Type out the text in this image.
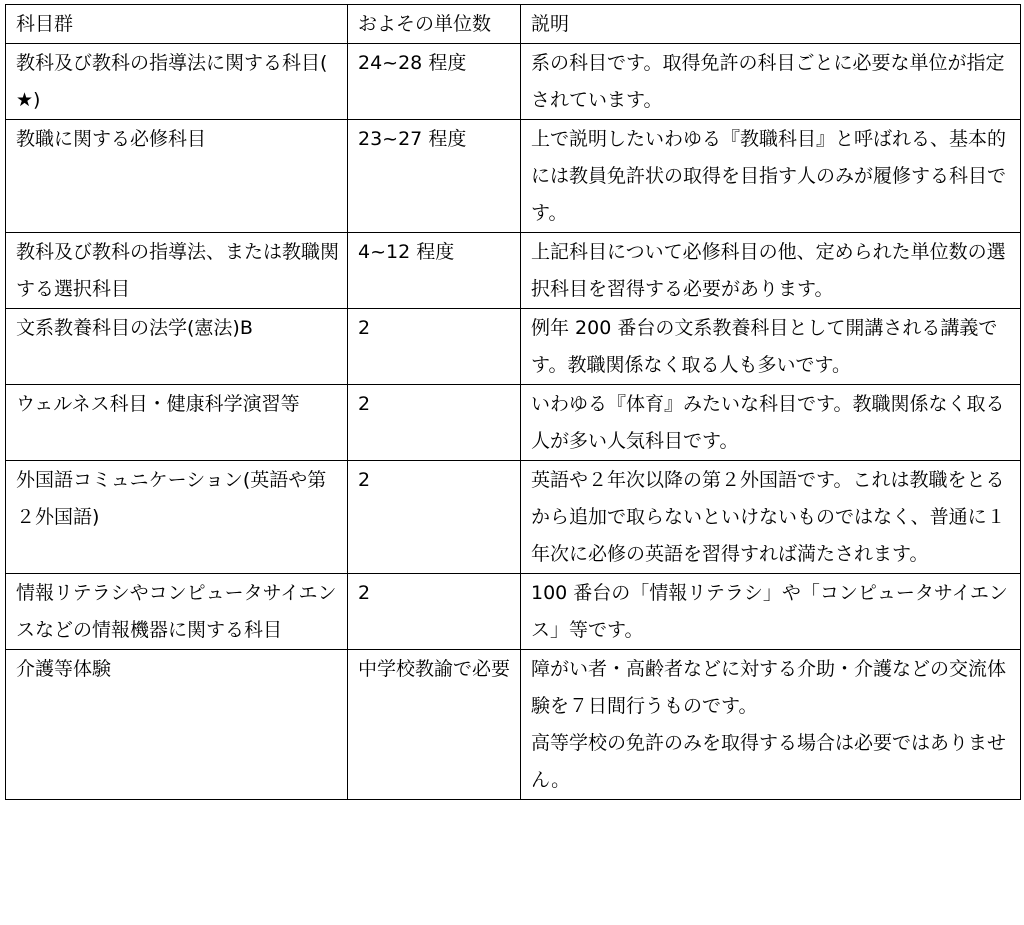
科目群	およその単位数	説明
教科及び教科の指導法に関する科目(★)	24~28 程度	系の科目です。取得免許の科目ごとに必要な単位が指定されています。
教職に関する必修科目	23~27 程度	上で説明したいわゆる『教職科目』と呼ばれる、基本的には教員免許状の取得を目指す人のみが履修する科目です。
教科及び教科の指導法、または教職関する選択科目	4~12 程度	上記科目について必修科目の他、定められた単位数の選択科目を習得する必要があります。
文系教養科目の法学(憲法)B	2	例年 200 番台の文系教養科目として開講される講義です。教職関係なく取る人も多いです。
ウェルネス科目・健康科学演習等	2	いわゆる『体育』みたいな科目です。教職関係なく取る人が多い人気科目です。
外国語コミュニケーション(英語や第２外国語)	2	英語や２年次以降の第２外国語です。これは教職をとるから追加で取らないといけないものではなく、普通に１年次に必修の英語を習得すれば満たされます。
情報リテラシやコンピュータサイエンスなどの情報機器に関する科目	2	100 番台の「情報リテラシ」や「コンピュータサイエンス」等です。
介護等体験	中学校教諭で必要	障がい者・高齢者などに対する介助・介護などの交流体験を７日間行うものです。
高等学校の免許のみを取得する場合は必要ではありません。
